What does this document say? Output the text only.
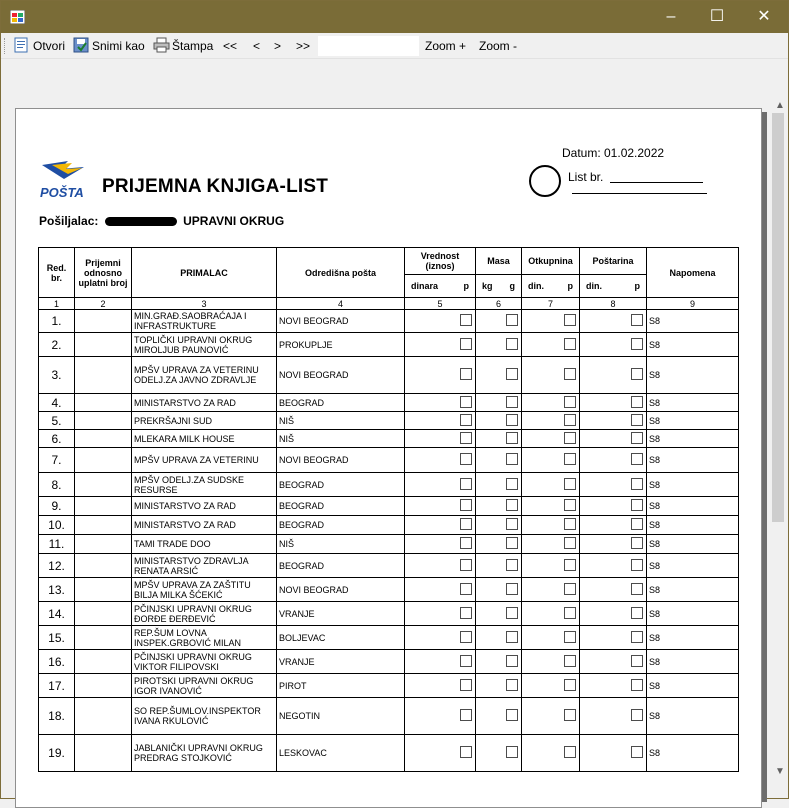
–	☐	✕
Otvori Snimi kao Štampa << < > >>	Zoom + Zoom -
Datum: 01.02.2022
List br.
POŠTA PRIJEMNA KNJIGA-LIST
Pošiljalac:	UPRAVNI OKRUG
Red. br.	Prijemni odnosno uplatni broj	PRIMALAC	Odredišna pošta	Vrednost (iznos)	Masa	Otkupnina	Poštarina	Napomena

				dinara p	kg g	din. p	din. p	

1	2	3	4	5	6	7	8	9
1.		MIN.GRAĐ.SAOBRAĆAJA I INFRASTRUKTURE	NOVI BEOGRAD					S8
2.		TOPLIČKI UPRAVNI OKRUG MIROLJUB PAUNOVIĆ	PROKUPLJE					S8
3.		MPŠV UPRAVA ZA VETERINU ODELJ.ZA JAVNO ZDRAVLJE	NOVI BEOGRAD					S8
4.		MINISTARSTVO ZA RAD	BEOGRAD					S8
5.		PREKRŠAJNI SUD	NIŠ					S8
6.		MLEKARA MILK HOUSE	NIŠ					S8
7.		MPŠV UPRAVA ZA VETERINU	NOVI BEOGRAD					S8
8.		MPŠV ODELJ.ZA SUDSKE RESURSE	BEOGRAD					S8
9.		MINISTARSTVO ZA RAD	BEOGRAD					S8
10.		MINISTARSTVO ZA RAD	BEOGRAD					S8
11.		TAMI TRADE DOO	NIŠ					S8
12.		MINISTARSTVO ZDRAVLJA RENATA ARSIĆ	BEOGRAD					S8
13.		MPŠV UPRAVA ZA ZAŠTITU BILJA MILKA ŠĆEKIĆ	NOVI BEOGRAD					S8
14.		PČINJSKI UPRAVNI OKRUG ĐORĐE ĐERĐEVIĆ	VRANJE					S8
15.		REP.ŠUM LOVNA INSPEK.GRBOVIĆ MILAN	BOLJEVAC					S8
16.		PČINJSKI UPRAVNI OKRUG VIKTOR FILIPOVSKI	VRANJE					S8
17.		PIROTSKI UPRAVNI OKRUG IGOR IVANOVIĆ	PIROT					S8
18.		SO REP.ŠUMLOV.INSPEKTOR IVANA RKULOVIĆ	NEGOTIN					S8
19.		JABLANIČKI UPRAVNI OKRUG PREDRAG STOJKOVIĆ	LESKOVAC					S8
▲
▼
